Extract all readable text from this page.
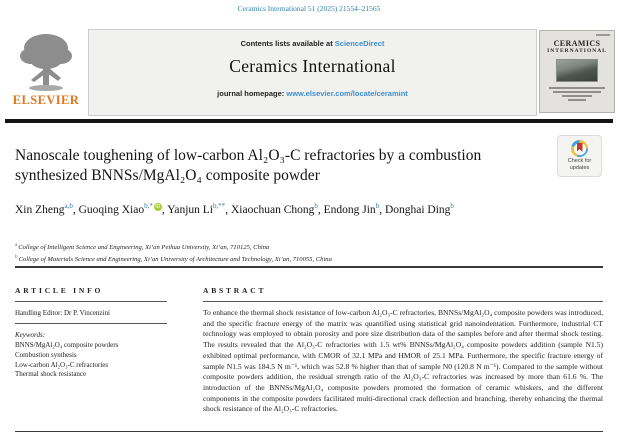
Ceramics International 51 (2025) 21554–21565
ELSEVIER
Contents lists available at ScienceDirect
Ceramics International
journal homepage: www.elsevier.com/locate/ceramint
CERAMICS
INTERNATIONAL
Nanoscale toughening of low-carbon Al₂O₃-C refractories by a combustion synthesized BNNSs/MgAl₂O₄ composite powder
Check for updates
Xin Zheng$^{a,b}$, Guoqing Xiao$^{b,*}$ iD , Yanjun $Li^{b,**}$, Xiaochuan Chong$^b$, Endong Jin$^b$, Donghai Ding$^b$
$^a$College of Intelligent Science and Engineering, Xi’an Peihua University, Xi’an, 710125, China
$^b$College of Materials Science and Engineering, Xi’an University of Architecture and Technology, Xi’an, 710055, China
ARTICLE INFO	ABSTRACT
Handling Editor: Dr P. Vincenzini
Keywords:
BNNS/MgAl₂O₄ composite powders
Combustion synthesis
Low-carbon Al₂O₃-C refractories
Thermal shock resistance
To enhance the thermal shock resistance of low-carbon Al₂O₃-C refractories, BNNSs/MgAl₂O₄ composite powders was introduced, and the specific fracture energy of the matrix was quantified using statistical grid nanoindentation. Furthermore, industrial CT technology was employed to obtain porosity and pore size distribution data of the samples before and after thermal shock testing. The results revealed that the Al₂O₃-C refractories with 1.5 wt% BNNSs/MgAl₂O₄ composite powders addition (sample N1.5) exhibited optimal performance, with CMOR of 32.1 MPa and HMOR of 25.1 MPa. Furthermore, the specific fracture energy of sample N1.5 was 184.5 N m⁻¹, which was 52.8 % higher than that of sample N0 (120.8 N m⁻¹). Compared to the sample without composite powders addition, the residual strength ratio of the Al₂O₃-C refractories was increased by more than 61.6 %. The introduction of the BNNSs/MgAl₂O₄ composite powders promoted the formation of ceramic whiskers, and the different components in the composite powders facilitated multi-directional crack deflection and branching, thereby enhancing the thermal shock resistance of the Al₂O₃-C refractories.
